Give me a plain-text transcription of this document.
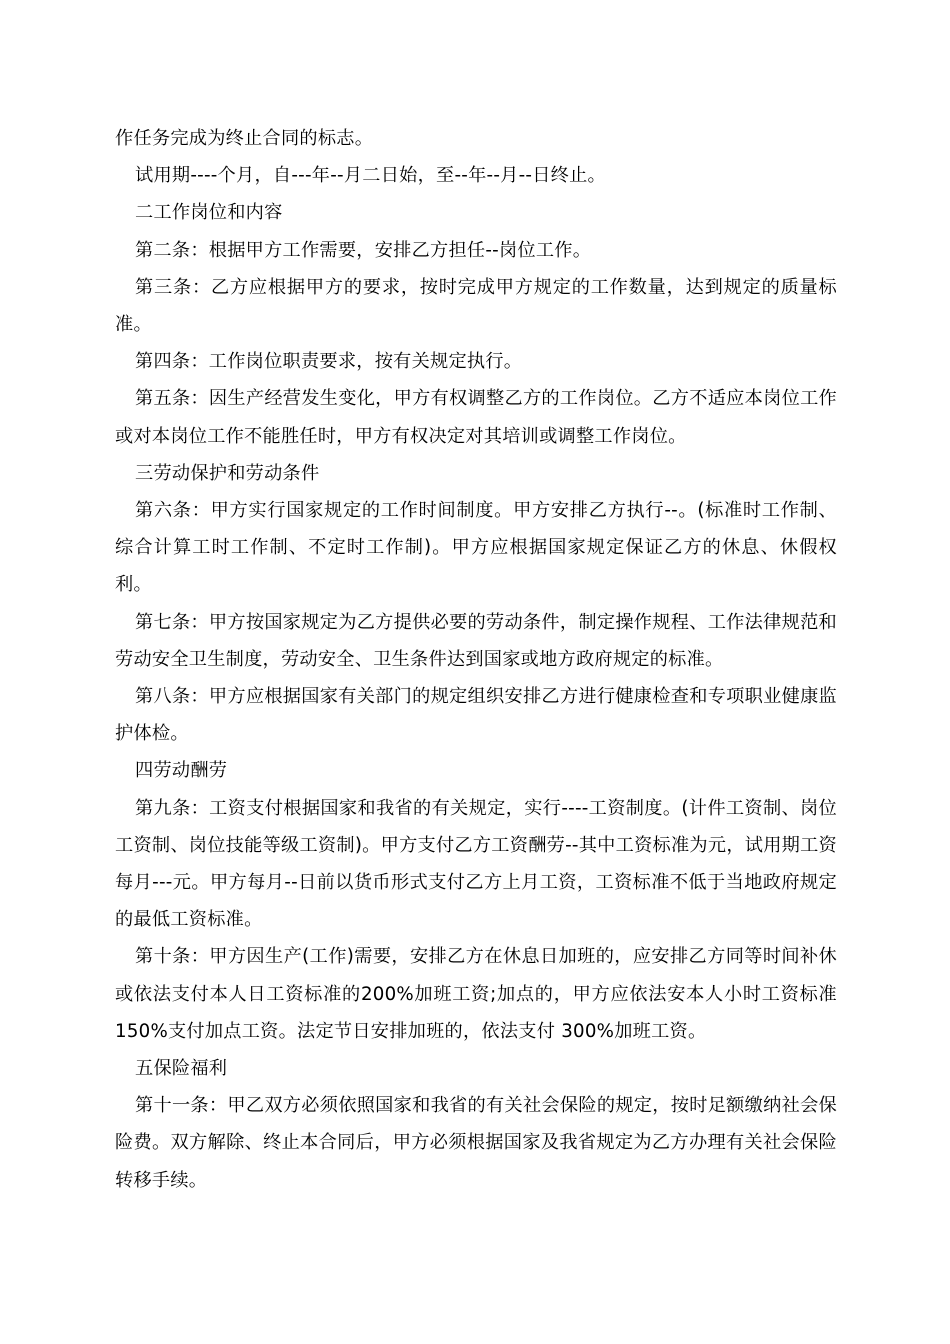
作任务完成为终止合同的标志。

试用期----个月，自---年--月二日始，至--年--月--日终止。

二工作岗位和内容

第二条：根据甲方工作需要，安排乙方担任--岗位工作。

第三条：乙方应根据甲方的要求，按时完成甲方规定的工作数量，达到规定的质量标准。

第四条：工作岗位职责要求，按有关规定执行。

第五条：因生产经营发生变化，甲方有权调整乙方的工作岗位。乙方不适应本岗位工作或对本岗位工作不能胜任时，甲方有权决定对其培训或调整工作岗位。

三劳动保护和劳动条件

第六条：甲方实行国家规定的工作时间制度。甲方安排乙方执行--。(标准时工作制、综合计算工时工作制、不定时工作制)。甲方应根据国家规定保证乙方的休息、休假权利。

第七条：甲方按国家规定为乙方提供必要的劳动条件，制定操作规程、工作法律规范和劳动安全卫生制度，劳动安全、卫生条件达到国家或地方政府规定的标准。

第八条：甲方应根据国家有关部门的规定组织安排乙方进行健康检查和专项职业健康监护体检。

四劳动酬劳

第九条：工资支付根据国家和我省的有关规定，实行----工资制度。(计件工资制、岗位工资制、岗位技能等级工资制)。甲方支付乙方工资酬劳--其中工资标准为元，试用期工资每月---元。甲方每月--日前以货币形式支付乙方上月工资，工资标准不低于当地政府规定的最低工资标准。

第十条：甲方因生产(工作)需要，安排乙方在休息日加班的，应安排乙方同等时间补休或依法支付本人日工资标准的200%加班工资;加点的，甲方应依法安本人小时工资标准 150%支付加点工资。法定节日安排加班的，依法支付 300%加班工资。

五保险福利

第十一条：甲乙双方必须依照国家和我省的有关社会保险的规定，按时足额缴纳社会保险费。双方解除、终止本合同后，甲方必须根据国家及我省规定为乙方办理有关社会保险转移手续。
